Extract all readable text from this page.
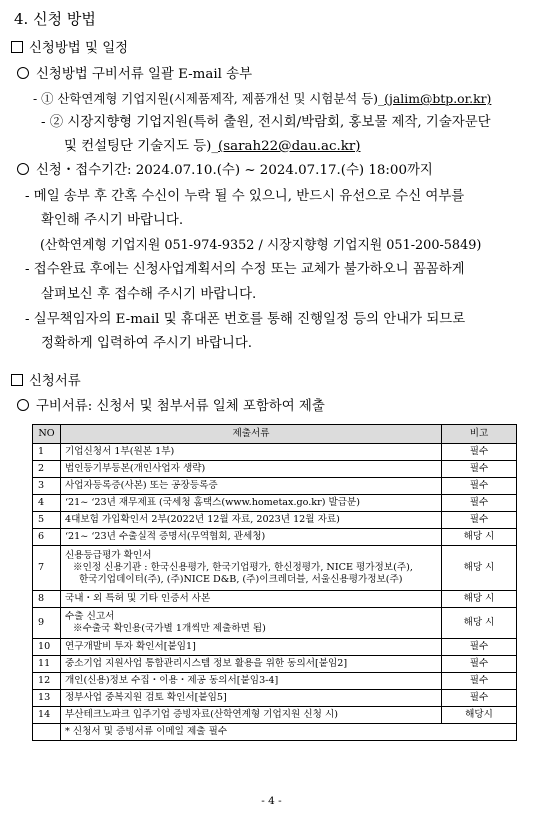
4. 신청 방법
신청방법 및 일정
신청방법 구비서류 일괄 E-mail 송부
- ① 산학연계형 기업지원(시제품제작, 제품개선 및 시험분석 등)_(jalim@btp.or.kr)
- ② 시장지향형 기업지원(특허 출원, 전시회/박람회, 홍보물 제작, 기술자문단
및 컨설팅단 기술지도 등)_(sarah22@dau.ac.kr)
신청・접수기간: 2024.07.10.(수) ~ 2024.07.17.(수) 18:00까지
- 메일 송부 후 간혹 수신이 누락 될 수 있으니, 반드시 유선으로 수신 여부를
확인해 주시기 바랍니다.
(산학연계형 기업지원 051-974-9352 / 시장지향형 기업지원 051-200-5849)
- 접수완료 후에는 신청사업계획서의 수정 또는 교체가 불가하오니 꼼꼼하게
살펴보신 후 접수해 주시기 바랍니다.
- 실무책임자의 E-mail 및 휴대폰 번호를 통해 진행일정 등의 안내가 되므로
정확하게 입력하여 주시기 바랍니다.
신청서류
구비서류: 신청서 및 첨부서류 일체 포함하여 제출
NO	제출서류	비고
1	기업신청서 1부(원본 1부)	필수
2	법인등기부등본(개인사업자 생략)	필수
3	사업자등록증(사본) 또는 공장등록증	필수
4	‘21~ ‘23년 재무제표 (국세청 홈택스(www.hometax.go.kr) 발급분)	필수
5	4대보험 가입확인서 2부(2022년 12월 자료, 2023년 12월 자료)	필수
6	‘21~ ‘23년 수출실적 증명서(무역협회, 관세청)	해당 시
7	신용등급평가 확인서
※인정 신용기관 : 한국신용평가, 한국기업평가, 한신정평가, NICE 평가정보(주),
한국기업데이터(주), (주)NICE D&B, (주)이크레더블, 서울신용평가정보(주)	해당 시
8	국내・외 특허 및 기타 인증서 사본	해당 시
9	수출 신고서
※수출국 확인용(국가별 1개씩만 제출하면 됨)	해당 시
10	연구개발비 투자 확인서[붙임1]	필수
11	중소기업 지원사업 통합관리시스템 정보 활용을 위한 동의서[붙임2]	필수
12	개인(신용)정보 수집・이용・제공 동의서[붙임3-4]	필수
13	정부사업 중복지원 검토 확인서[붙임5]	필수
14	부산테크노파크 입주기업 증빙자료(산학연계형 기업지원 신청 시)	해당시
	* 신청서 및 증빙서류 이메일 제출 필수	
- 4 -
